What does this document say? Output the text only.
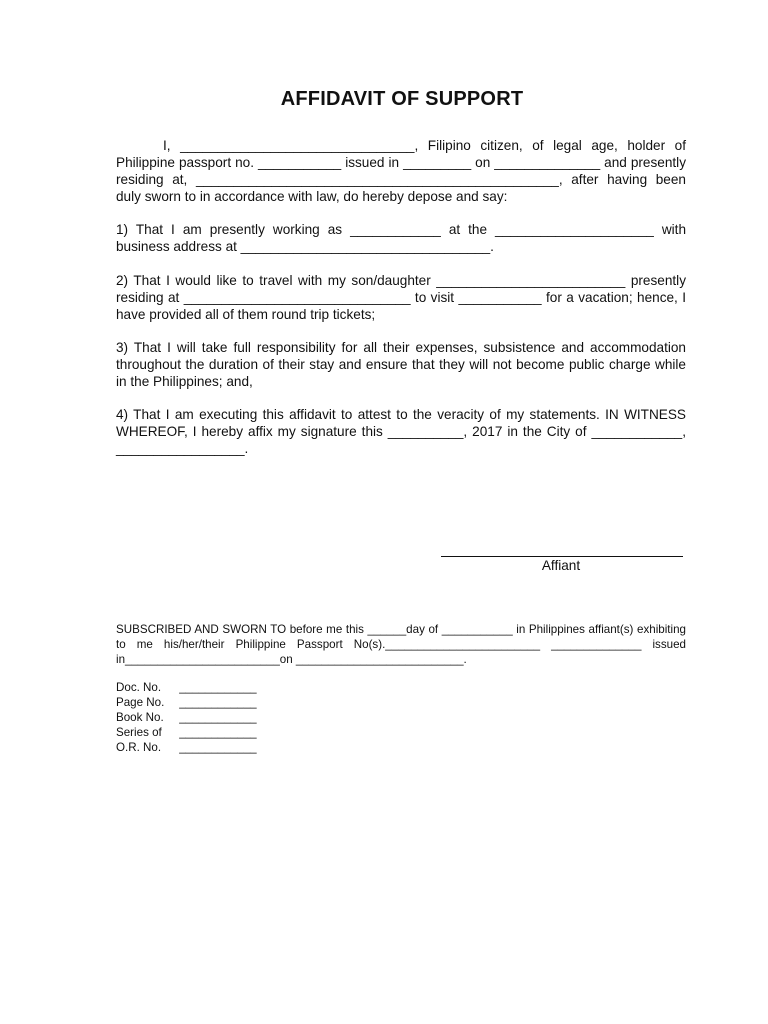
AFFIDAVIT OF SUPPORT

I, _______________________________, Filipino citizen, of legal age, holder of Philippine passport no. ___________ issued in _________ on ______________ and presently residing at, ________________________________________________, after having been duly sworn to in accordance with law, do hereby depose and say:

1) That I am presently working as ____________ at the _____________________ with business address at _________________________________.

2) That I would like to travel with my son/daughter _________________________ presently residing at ______________________________ to visit ___________ for a vacation; hence, I have provided all of them round trip tickets;

3) That I will take full responsibility for all their expenses, subsistence and accommodation throughout the duration of their stay and ensure that they will not become public charge while in the Philippines; and,

4) That I am executing this affidavit to attest to the veracity of my statements. IN WITNESS WHEREOF, I hereby affix my signature this __________, 2017 in the City of ____________, _________________.

Affiant

SUBSCRIBED AND SWORN TO before me this ______day of ___________ in Philippines affiant(s) exhibiting to me his/her/their Philippine Passport No(s).________________________ ______________ issued in________________________on __________________________.

Doc. No. ____________
Page No. ____________
Book No. ____________
Series of ____________
O.R. No. ____________
